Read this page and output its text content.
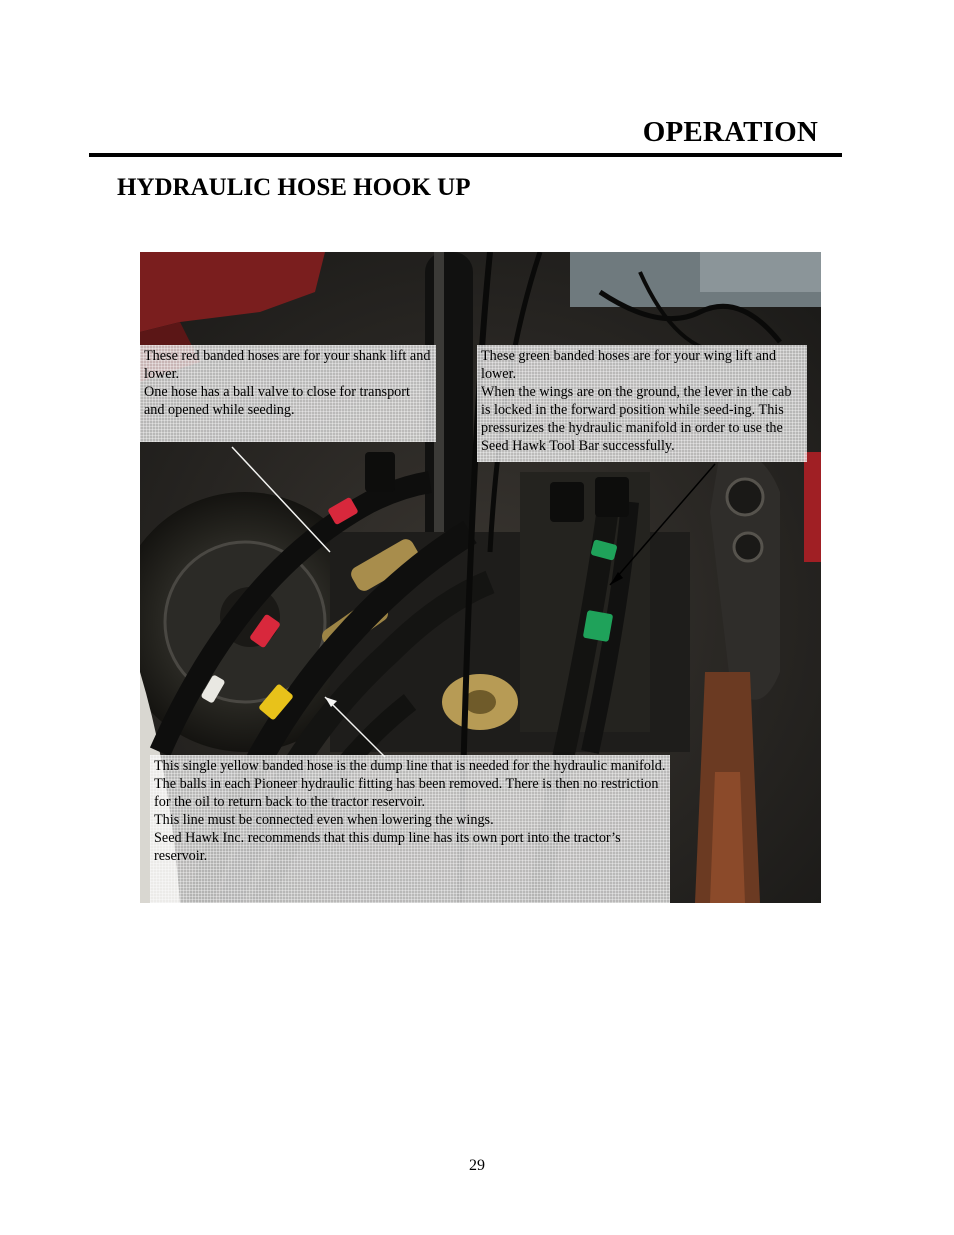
OPERATION
HYDRAULIC HOSE HOOK UP

These red banded hoses are for your shank lift and lower.

One hose has a ball valve to close for transport and opened while seeding.

These green banded hoses are for your wing lift and lower.

When the wings are on the ground, the lever in the cab is locked in the forward position while seed-ing. This pressurizes the hydraulic manifold in order to use the Seed Hawk Tool Bar successfully.

This single yellow banded hose is the dump line that is needed for the hydraulic manifold.

The balls in each Pioneer hydraulic fitting has been removed. There is then no restriction for the oil to return back to the tractor reservoir.

This line must be connected even when lowering the wings.

Seed Hawk Inc. recommends that this dump line has its own port into the tractor’s reservoir.

29
